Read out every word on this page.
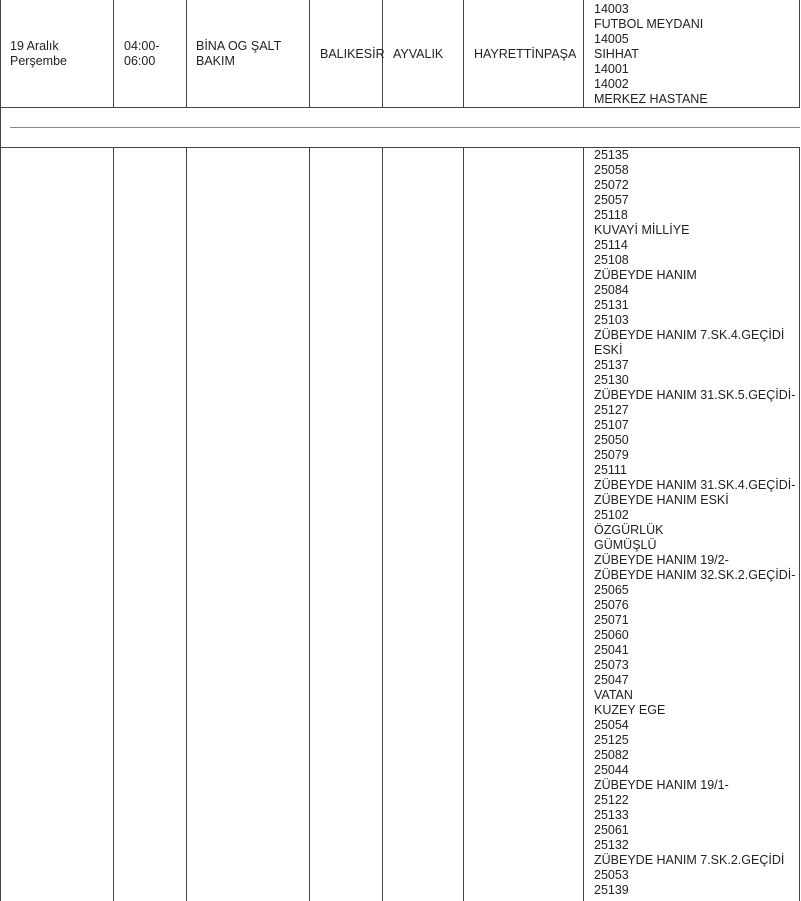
19 Aralık Perşembe
04:00-06:00
BİNA OG ŞALT BAKIM	BALIKESİR AYVALIK	HAYRETTİNPAŞA
14003
FUTBOL MEYDANI
14005
SIHHAT
14001
14002
MERKEZ HASTANE
25135
25058
25072
25057
25118
KUVAYİ MİLLİYE
25114
25108
ZÜBEYDE HANIM
25084
25131
25103
ZÜBEYDE HANIM 7.SK.4.GEÇİDİ
ESKİ
25137
25130
ZÜBEYDE HANIM 31.SK.5.GEÇİDİ-
25127
25107
25050
25079
25111
ZÜBEYDE HANIM 31.SK.4.GEÇİDİ-
ZÜBEYDE HANIM ESKİ
25102
ÖZGÜRLÜK
GÜMÜŞLÜ
ZÜBEYDE HANIM 19/2-
ZÜBEYDE HANIM 32.SK.2.GEÇİDİ-
25065
25076
25071
25060
25041
25073
25047
VATAN
KUZEY EGE
25054
25125
25082
25044
ZÜBEYDE HANIM 19/1-
25122
25133
25061
25132
ZÜBEYDE HANIM 7.SK.2.GEÇİDİ
25053
25139
